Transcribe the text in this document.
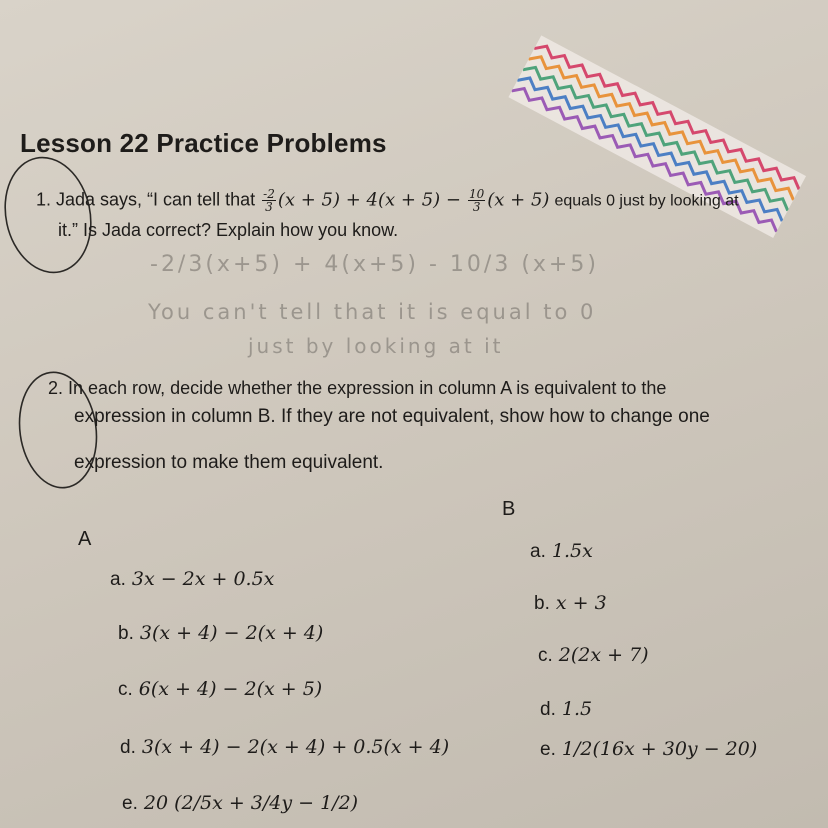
Lesson 22 Practice Problems
1. Jada says, “I can tell that $\frac{-2}{3} (x + 5) + 4(x + 5) - \frac{10}{3} (x + 5)$ equals 0 just by looking at
it.” Is Jada correct? Explain how you know.
-2/3(x+5) + 4(x+5) - 10/3 (x+5)
You can't tell that it is equal to 0
just by looking at it
2. In each row, decide whether the expression in column A is equivalent to the
expression in column B. If they are not equivalent, show how to change one
expression to make them equivalent.
B
A
a. 3x − 2x + 0.5x
b. 3(x + 4) − 2(x + 4)
c. 6(x + 4) − 2(x + 5)
d. 3(x + 4) − 2(x + 4) + 0.5(x + 4)
e. 20 (2/5x + 3/4y − 1/2)
a. 1.5x
b. x + 3
c. 2(2x + 7)
d. 1.5
e. 1/2(16x + 30y − 20)
